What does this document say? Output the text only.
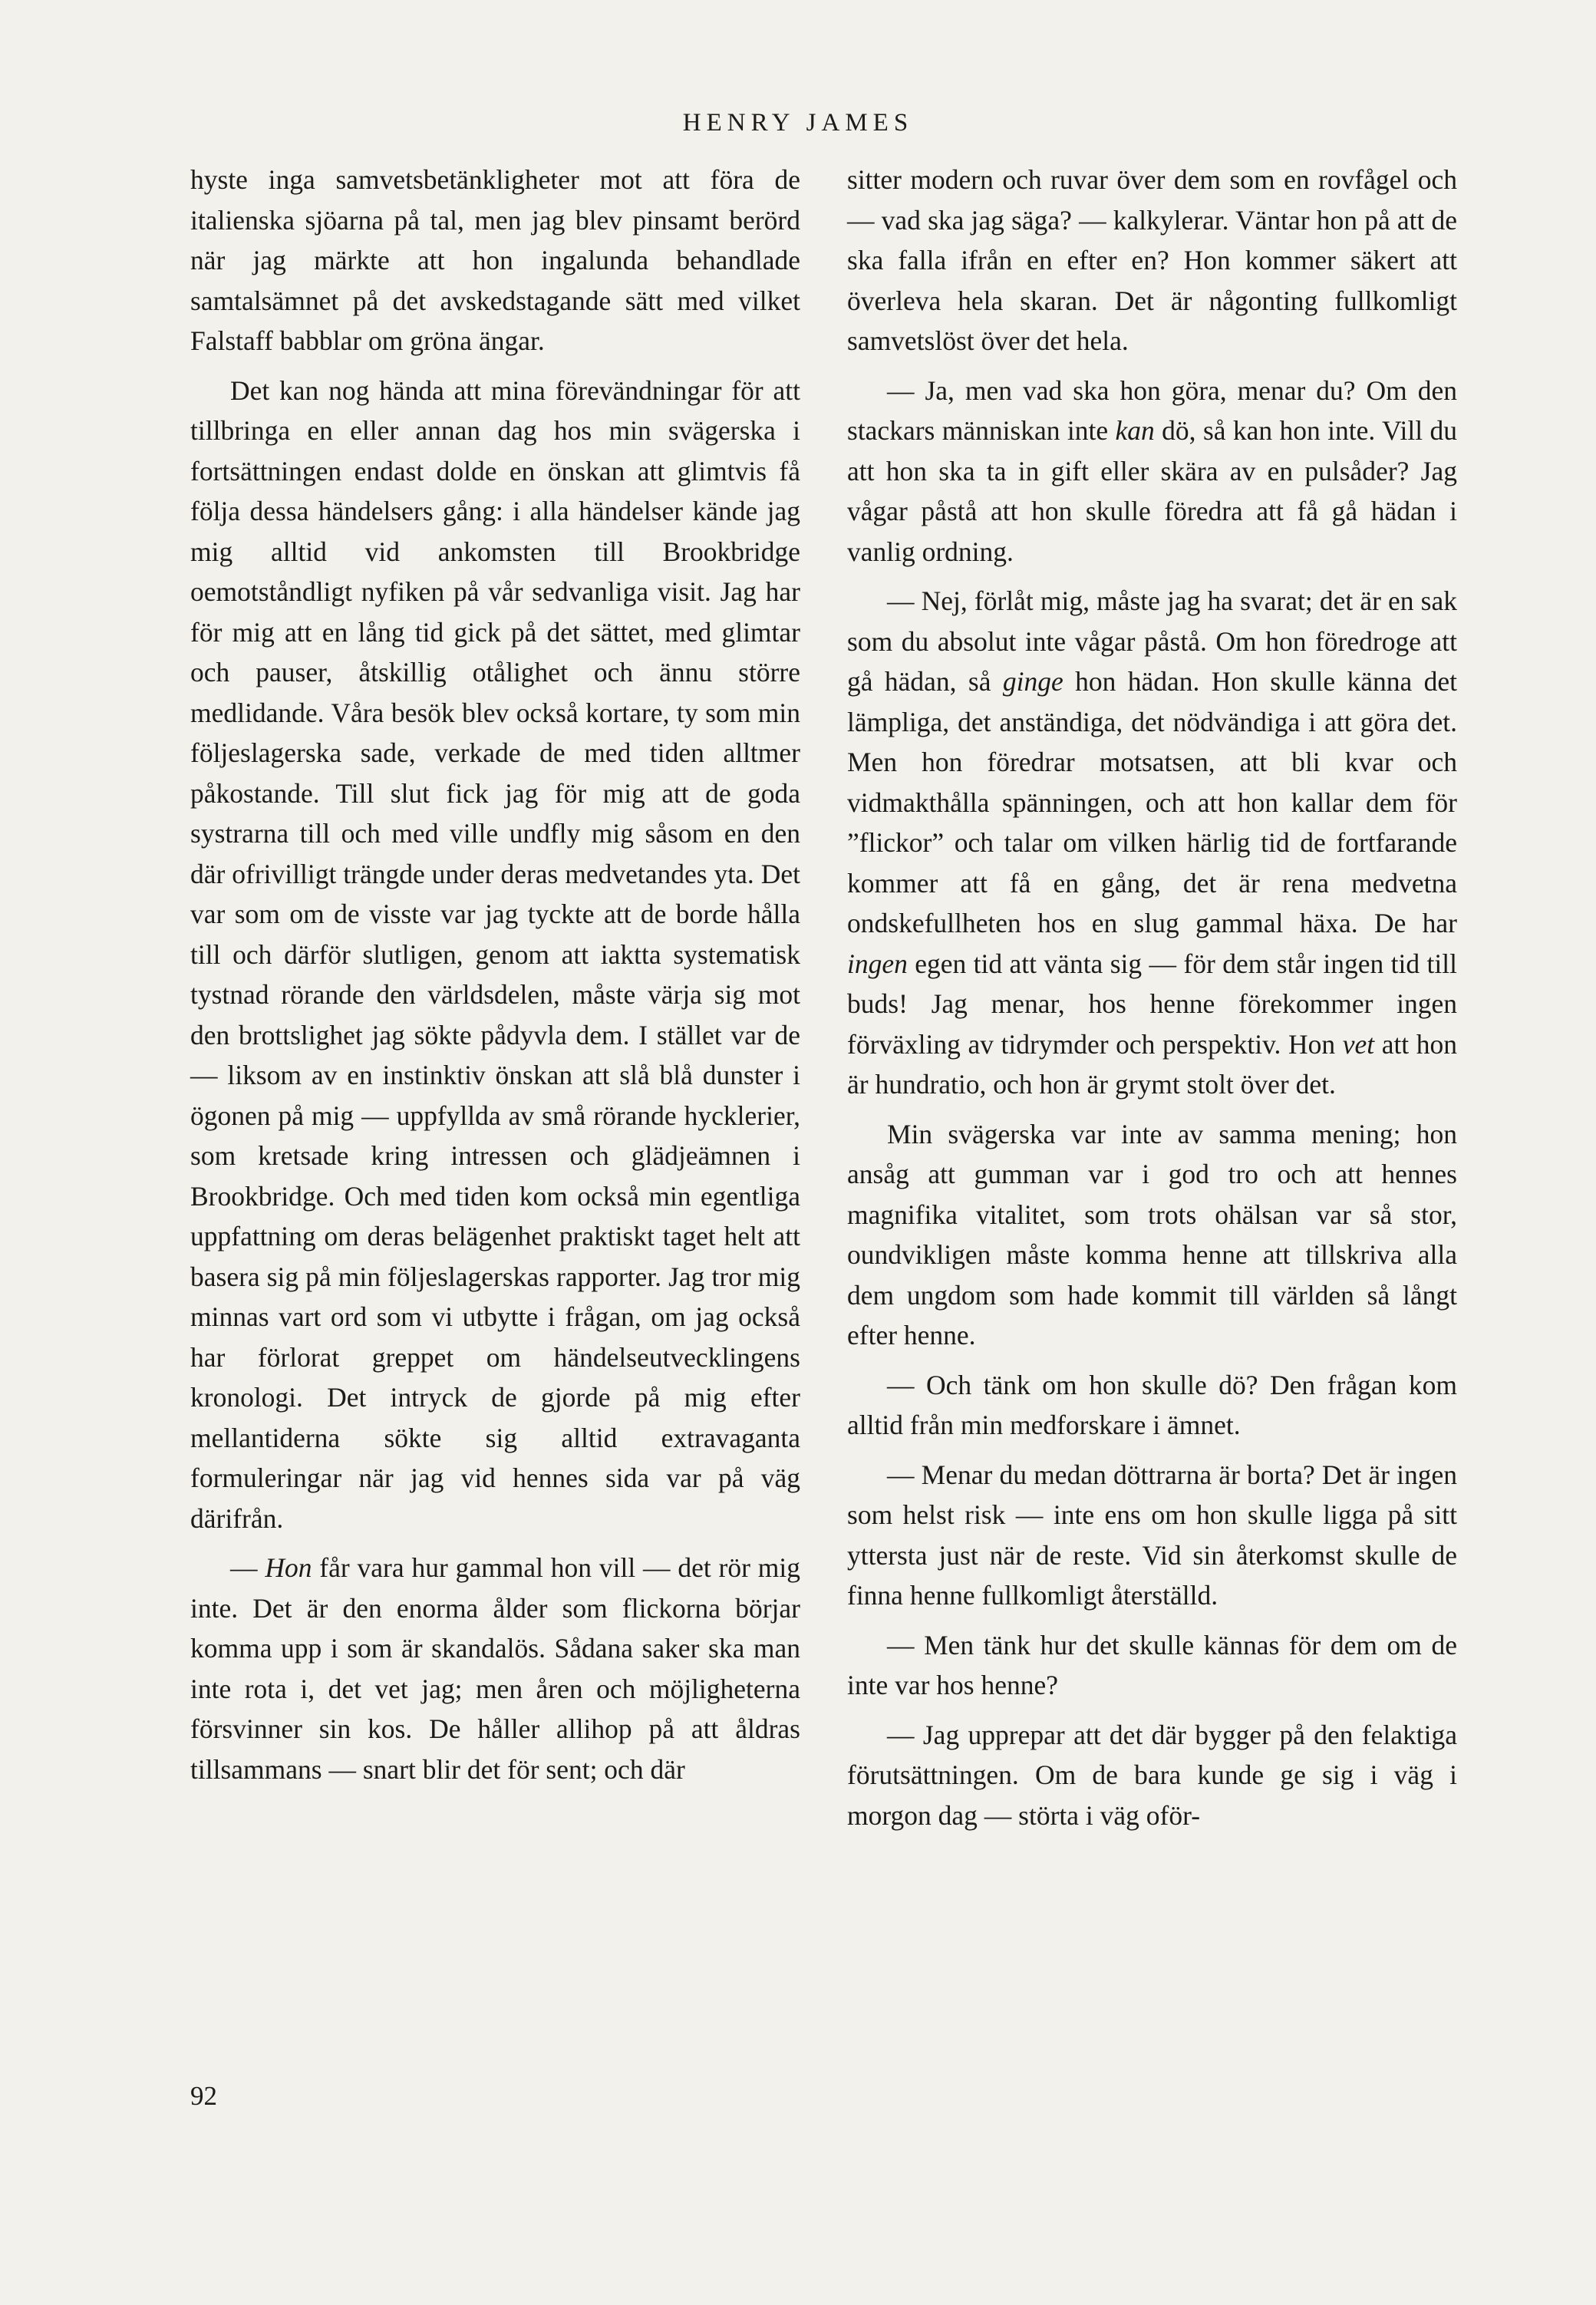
HENRY JAMES

hyste inga samvetsbetänkligheter mot att föra de italienska sjöarna på tal, men jag blev pinsamt berörd när jag märkte att hon ingalunda behandlade samtalsämnet på det avskedstagande sätt med vilket Falstaff babblar om gröna ängar.

Det kan nog hända att mina förevändningar för att tillbringa en eller annan dag hos min svägerska i fortsättningen endast dolde en önskan att glimtvis få följa dessa händelsers gång: i alla händelser kände jag mig alltid vid ankomsten till Brookbridge oemotståndligt nyfiken på vår sedvanliga visit. Jag har för mig att en lång tid gick på det sättet, med glimtar och pauser, åtskillig otålighet och ännu större medlidande. Våra besök blev också kortare, ty som min följeslagerska sade, verkade de med tiden alltmer påkostande. Till slut fick jag för mig att de goda systrarna till och med ville undfly mig såsom en den där ofrivilligt trängde under deras medvetandes yta. Det var som om de visste var jag tyckte att de borde hålla till och därför slutligen, genom att iaktta systematisk tystnad rörande den världsdelen, måste värja sig mot den brottslighet jag sökte pådyvla dem. I stället var de — liksom av en instinktiv önskan att slå blå dunster i ögonen på mig — uppfyllda av små rörande hycklerier, som kretsade kring intressen och glädjeämnen i Brookbridge. Och med tiden kom också min egentliga uppfattning om deras belägenhet praktiskt taget helt att basera sig på min följeslagerskas rapporter. Jag tror mig minnas vart ord som vi utbytte i frågan, om jag också har förlorat greppet om händelseutvecklingens kronologi. Det intryck de gjorde på mig efter mellantiderna sökte sig alltid extravaganta formuleringar när jag vid hennes sida var på väg därifrån.

— Hon får vara hur gammal hon vill — det rör mig inte. Det är den enorma ålder som flickorna börjar komma upp i som är skandalös. Sådana saker ska man inte rota i, det vet jag; men åren och möjligheterna försvinner sin kos. De håller allihop på att åldras tillsammans — snart blir det för sent; och där

sitter modern och ruvar över dem som en rovfågel och — vad ska jag säga? — kalkylerar. Väntar hon på att de ska falla ifrån en efter en? Hon kommer säkert att överleva hela skaran. Det är någonting fullkomligt samvetslöst över det hela.

— Ja, men vad ska hon göra, menar du? Om den stackars människan inte kan dö, så kan hon inte. Vill du att hon ska ta in gift eller skära av en pulsåder? Jag vågar påstå att hon skulle föredra att få gå hädan i vanlig ordning.

— Nej, förlåt mig, måste jag ha svarat; det är en sak som du absolut inte vågar påstå. Om hon föredroge att gå hädan, så ginge hon hädan. Hon skulle känna det lämpliga, det anständiga, det nödvändiga i att göra det. Men hon föredrar motsatsen, att bli kvar och vidmakthålla spänningen, och att hon kallar dem för ”flickor” och talar om vilken härlig tid de fortfarande kommer att få en gång, det är rena medvetna ondskefullheten hos en slug gammal häxa. De har ingen egen tid att vänta sig — för dem står ingen tid till buds! Jag menar, hos henne förekommer ingen förväxling av tidrymder och perspektiv. Hon vet att hon är hundratio, och hon är grymt stolt över det.

Min svägerska var inte av samma mening; hon ansåg att gumman var i god tro och att hennes magnifika vitalitet, som trots ohälsan var så stor, oundvikligen måste komma henne att tillskriva alla dem ungdom som hade kommit till världen så långt efter henne.

— Och tänk om hon skulle dö? Den frågan kom alltid från min medforskare i ämnet.

— Menar du medan döttrarna är borta? Det är ingen som helst risk — inte ens om hon skulle ligga på sitt yttersta just när de reste. Vid sin återkomst skulle de finna henne fullkomligt återställd.

— Men tänk hur det skulle kännas för dem om de inte var hos henne?

— Jag upprepar att det där bygger på den felaktiga förutsättningen. Om de bara kunde ge sig i väg i morgon dag — störta i väg oför-

92
